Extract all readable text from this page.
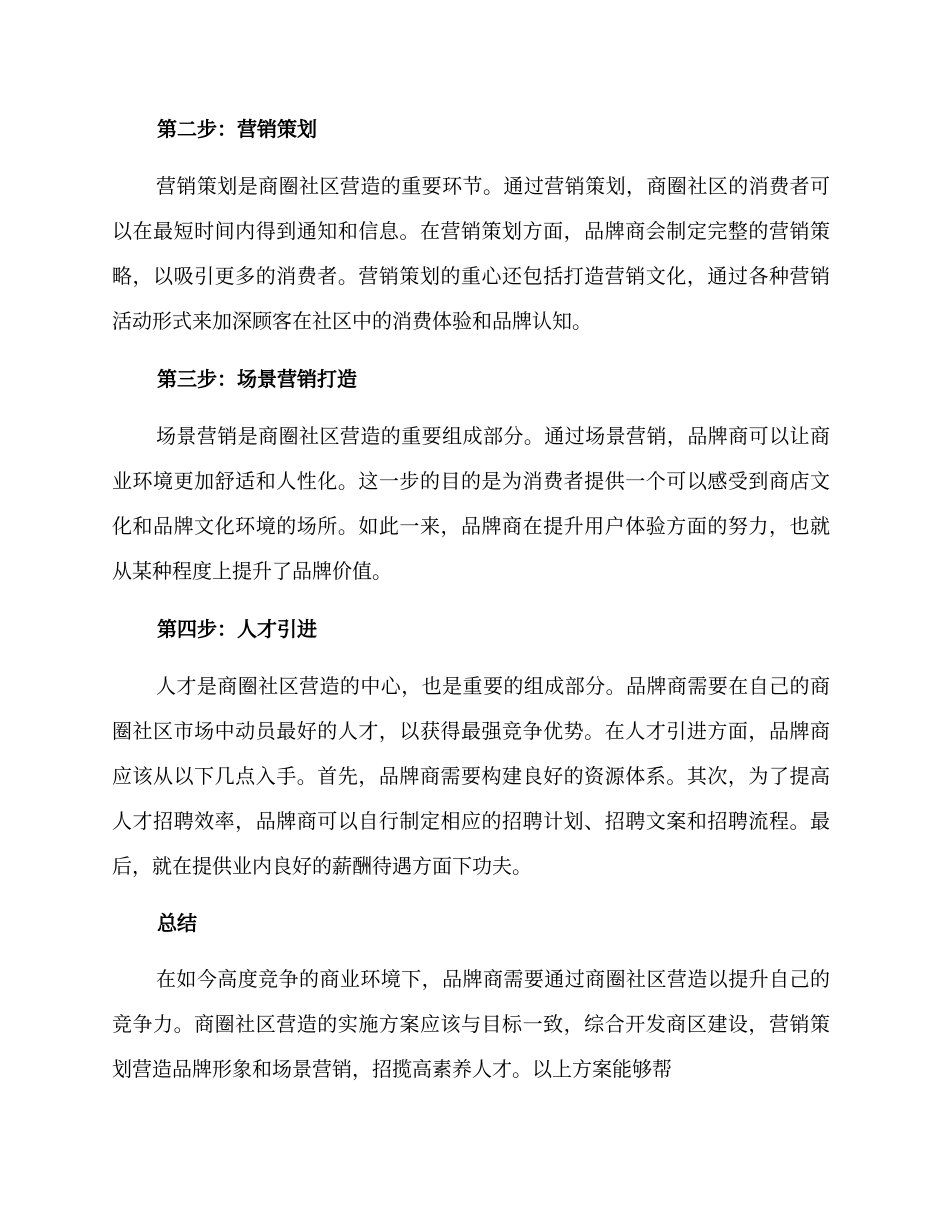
第二步：营销策划

营销策划是商圈社区营造的重要环节。通过营销策划，商圈社区的消费者可以在最短时间内得到通知和信息。在营销策划方面，品牌商会制定完整的营销策略，以吸引更多的消费者。营销策划的重心还包括打造营销文化，通过各种营销活动形式来加深顾客在社区中的消费体验和品牌认知。

第三步：场景营销打造

场景营销是商圈社区营造的重要组成部分。通过场景营销，品牌商可以让商业环境更加舒适和人性化。这一步的目的是为消费者提供一个可以感受到商店文化和品牌文化环境的场所。如此一来，品牌商在提升用户体验方面的努力，也就从某种程度上提升了品牌价值。

第四步：人才引进

人才是商圈社区营造的中心，也是重要的组成部分。品牌商需要在自己的商圈社区市场中动员最好的人才，以获得最强竞争优势。在人才引进方面，品牌商应该从以下几点入手。首先，品牌商需要构建良好的资源体系。其次，为了提高人才招聘效率，品牌商可以自行制定相应的招聘计划、招聘文案和招聘流程。最后，就在提供业内良好的薪酬待遇方面下功夫。

总结

在如今高度竞争的商业环境下，品牌商需要通过商圈社区营造以提升自己的竞争力。商圈社区营造的实施方案应该与目标一致，综合开发商区建设，营销策划营造品牌形象和场景营销，招揽高素养人才。以上方案能够帮
